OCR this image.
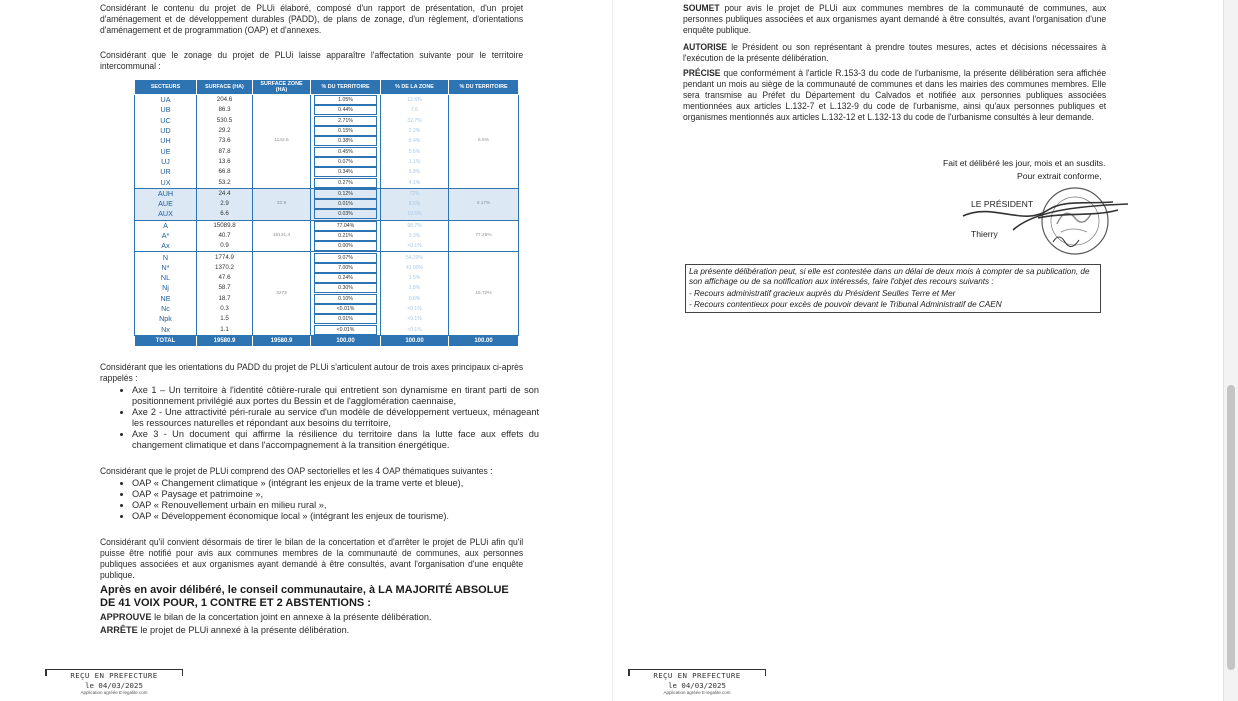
Considérant le contenu du projet de PLUi élaboré, composé d'un rapport de présentation, d'un projet d'aménagement et de développement durables (PADD), de plans de zonage, d'un règlement, d'orientations d'aménagement et de programmation (OAP) et d'annexes.

Considérant que le zonage du projet de PLUi laisse apparaître l'affectation suivante pour le territoire intercommunal :

SECTEURS	SURFACE (HA)	SURFACE ZONE (HA)	% DU TERRITOIRE	% DE LA ZONE	% DU TERRITOIRE
UA	204.6	1142.5	1.05%	12.6%	6.5%
UB	86.3		0.44%	7.6	
UC	530.5		2.71%	32.7%	
UD	29.2		0.15%	2.2%	
UH	73.6		0.38%	5.4%	
UE	87.8		0.45%	5.6%	
UJ	13.6		0.07%	1.1%	
UR	66.8		0.34%	5.8%	
UX	53.2		0.27%	4.1%	
AUH	24.4	33.9	0.12%	72%	0.17%
AUE	2.9		0.01%	8.5%	
AUX	6.6		0.03%	19.5%	
A	15089.8	15131.4	77.04%	98.7%	77.25%
A*	40.7		0.21%	0.3%	
Ax	0.9		0.00%	<0.1%	
N	1774.9	3273	9.07%	54.20%	16.72%
N*	1370.2		7.00%	41.90%	
NL	47.6		0.24%	1.5%	
Nj	58.7		0.30%	1.8%	
NE	18.7		0.10%	0.6%	
Nc	0.3		<0.01%	<0.1%	
Npk	1.5		0.01%	<0.1%	
Nx	1.1		<0.01%	<0.1%	
TOTAL	19580.9	19580.9	100.00	100.00	100.00

Considérant que les orientations du PADD du projet de PLUi s'articulent autour de trois axes principaux ci-après rappelés :

• Axe 1 – Un territoire à l'identité côtière-rurale qui entretient son dynamisme en tirant parti de son positionnement privilégié aux portes du Bessin et de l'agglomération caennaise,
• Axe 2 - Une attractivité péri-rurale au service d'un modèle de développement vertueux, ménageant les ressources naturelles et répondant aux besoins du territoire,
• Axe 3 - Un document qui affirme la résilience du territoire dans la lutte face aux effets du changement climatique et dans l'accompagnement à la transition énergétique.

Considérant que le projet de PLUi comprend des OAP sectorielles et les 4 OAP thématiques suivantes :

• OAP « Changement climatique » (intégrant les enjeux de la trame verte et bleue),
• OAP « Paysage et patrimoine »,
• OAP « Renouvellement urbain en milieu rural »,
• OAP « Développement économique local » (intégrant les enjeux de tourisme).

Considérant qu'il convient désormais de tirer le bilan de la concertation et d'arrêter le projet de PLUi afin qu'il puisse être notifié pour avis aux communes membres de la communauté de communes, aux personnes publiques associées et aux organismes ayant demandé à être consultés, avant l'organisation d'une enquête publique.

Après en avoir délibéré, le conseil communautaire, à LA MAJORITÉ ABSOLUE DE 41 VOIX POUR, 1 CONTRE ET 2 ABSTENTIONS :

APPROUVE le bilan de la concertation joint en annexe à la présente délibération.

ARRÊTE le projet de PLUi annexé à la présente délibération.

REÇU EN PREFECTURE
le 04/03/2025
Application agréée E-legalite.com

SOUMET pour avis le projet de PLUi aux communes membres de la communauté de communes, aux personnes publiques associées et aux organismes ayant demandé à être consultés, avant l'organisation d'une enquête publique.

AUTORISE le Président ou son représentant à prendre toutes mesures, actes et décisions nécessaires à l'exécution de la présente délibération.

PRÉCISE que conformément à l'article R.153-3 du code de l'urbanisme, la présente délibération sera affichée pendant un mois au siège de la communauté de communes et dans les mairies des communes membres. Elle sera transmise au Préfet du Département du Calvados et notifiée aux personnes publiques associées mentionnées aux articles L.132-7 et L.132-9 du code de l'urbanisme, ainsi qu'aux personnes publiques et organismes mentionnés aux articles L.132-12 et L.132-13 du code de l'urbanisme consultés à leur demande.

Fait et délibéré les jour, mois et an susdits.
Pour extrait conforme,
LE PRÉSIDENT
Thierry
La présente délibération peut, si elle est contestée dans un délai de deux mois à compter de sa publication, de
son affichage ou de sa notification aux intéressés, faire l'objet des recours suivants :
- Recours administratif gracieux auprès du Président Seulles Terre et Mer
- Recours contentieux pour excès de pouvoir devant le Tribunal Administratif de CAEN
REÇU EN PREFECTURE
le 04/03/2025
Application agréée E-legalite.com
